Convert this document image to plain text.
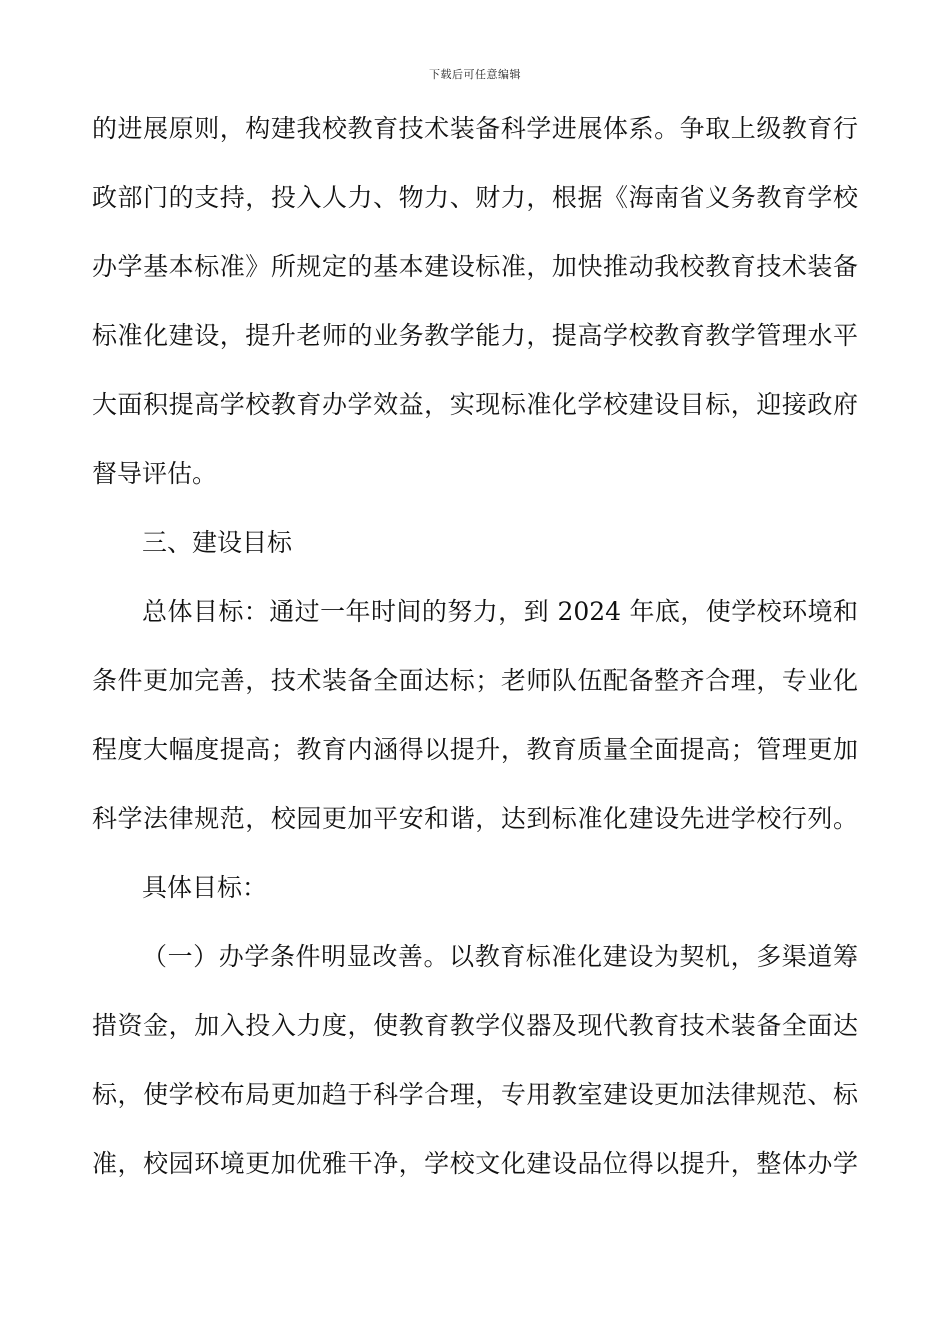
下载后可任意编辑
的进展原则，构建我校教育技术装备科学进展体系。争取上级教育行
政部门的支持，投入人力、物力、财力，根据《海南省义务教育学校
办学基本标准》所规定的基本建设标准，加快推动我校教育技术装备
标准化建设，提升老师的业务教学能力，提高学校教育教学管理水平
大面积提高学校教育办学效益，实现标准化学校建设目标，迎接政府
督导评估。
三、建设目标
总体目标：通过一年时间的努力，到 2024 年底，使学校环境和
条件更加完善，技术装备全面达标；老师队伍配备整齐合理，专业化
程度大幅度提高；教育内涵得以提升，教育质量全面提高；管理更加
科学法律规范，校园更加平安和谐，达到标准化建设先进学校行列。
具体目标：
（一）办学条件明显改善。以教育标准化建设为契机，多渠道筹
措资金，加入投入力度，使教育教学仪器及现代教育技术装备全面达
标，使学校布局更加趋于科学合理，专用教室建设更加法律规范、标
准，校园环境更加优雅干净，学校文化建设品位得以提升，整体办学
